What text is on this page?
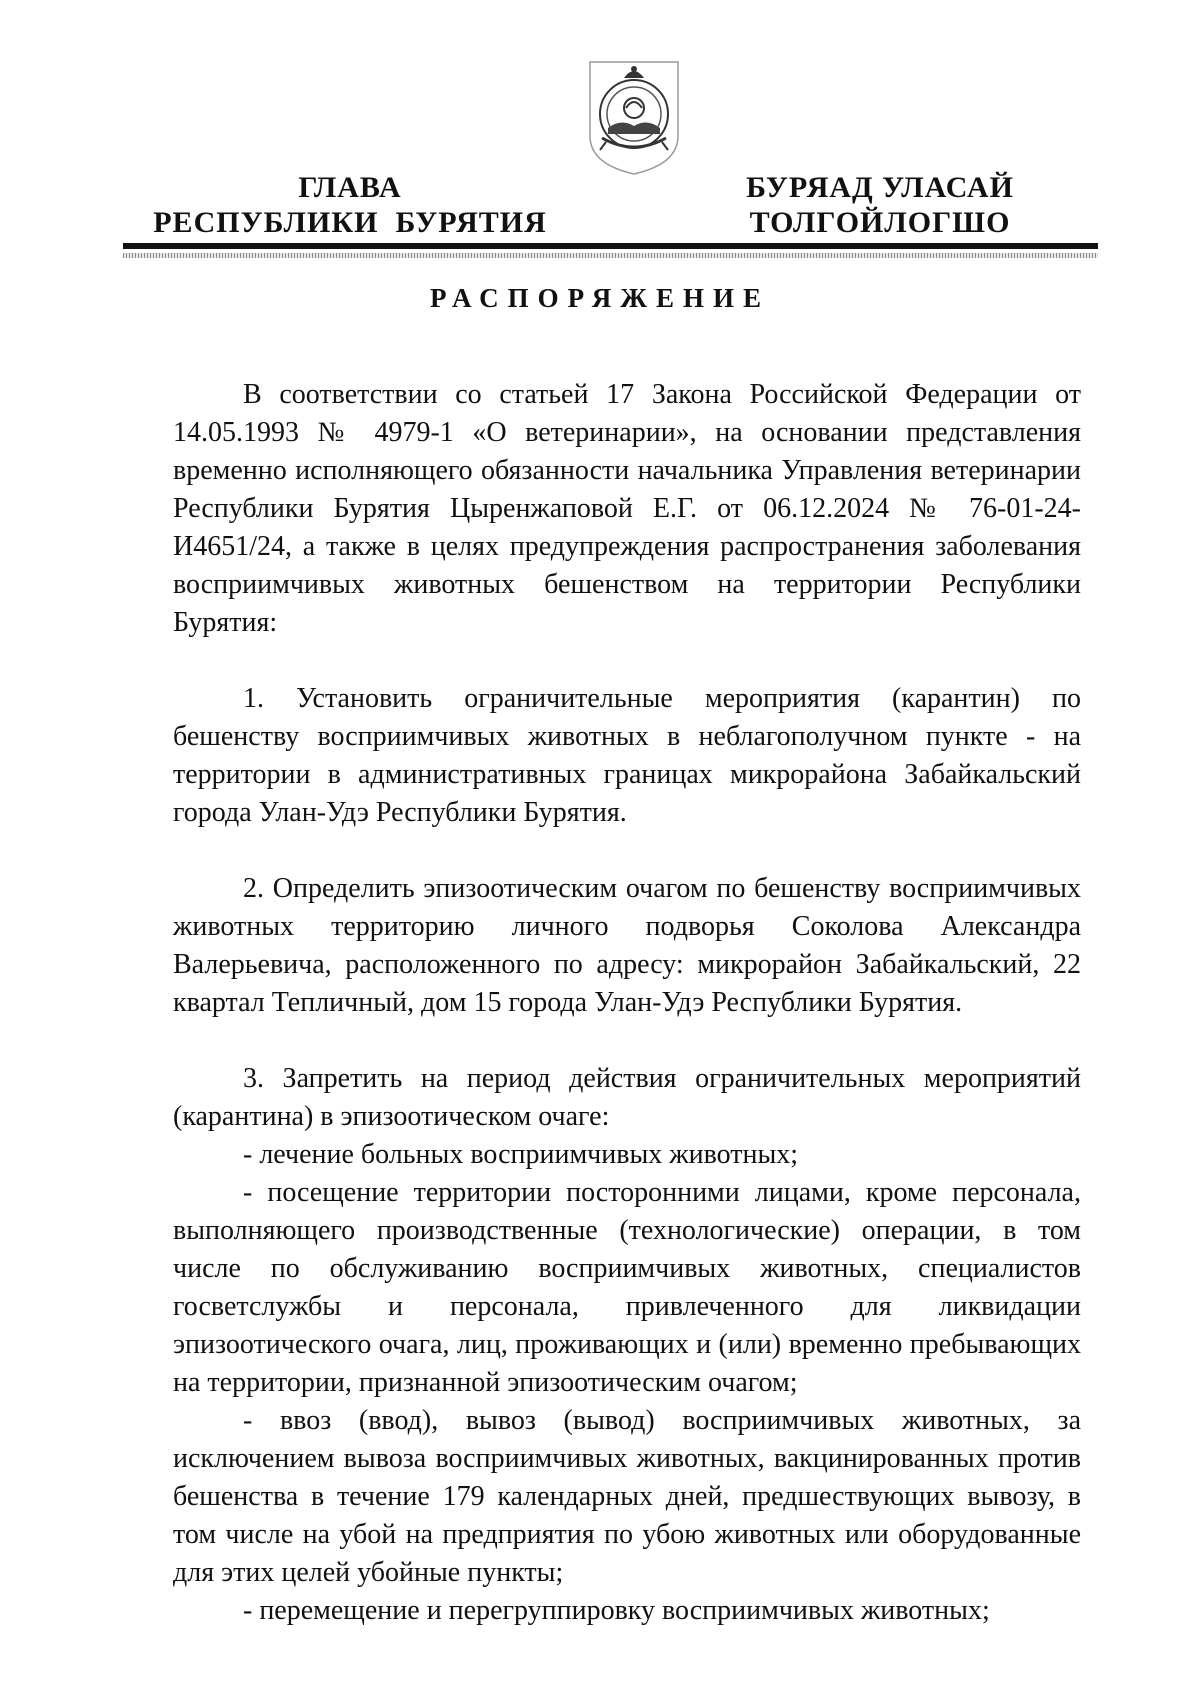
ГЛАВА
РЕСПУБЛИКИ  БУРЯТИЯ
БУРЯАД УЛАСАЙ
ТОЛГОЙЛОГШО
РАСПОРЯЖЕНИЕ

В соответствии со статьей 17 Закона Российской Федерации от 14.05.1993 № 4979-1 «О ветеринарии», на основании представления временно исполняющего обязанности начальника Управления ветеринарии Республики Бурятия Цыренжаповой Е.Г. от 06.12.2024 № 76-01-24-И4651/24, а также в целях предупреждения распространения заболевания восприимчивых животных бешенством на территории Республики Бурятия:

1. Установить ограничительные мероприятия (карантин) по бешенству восприимчивых животных в неблагополучном пункте - на территории в административных границах микрорайона Забайкальский города Улан-Удэ Республики Бурятия.

2. Определить эпизоотическим очагом по бешенству восприимчивых животных территорию личного подворья Соколова Александра Валерьевича, расположенного по адресу: микрорайон Забайкальский, 22 квартал Тепличный, дом 15 города Улан-Удэ Республики Бурятия.

3. Запретить на период действия ограничительных мероприятий (карантина) в эпизоотическом очаге:

- лечение больных восприимчивых животных;

- посещение территории посторонними лицами, кроме персонала, выполняющего производственные (технологические) операции, в том числе по обслуживанию восприимчивых животных, специалистов госветслужбы и персонала, привлеченного для ликвидации эпизоотического очага, лиц, проживающих и (или) временно пребывающих на территории, признанной эпизоотическим очагом;

- ввоз (ввод), вывоз (вывод) восприимчивых животных, за исключением вывоза восприимчивых животных, вакцинированных против бешенства в течение 179 календарных дней, предшествующих вывозу, в том числе на убой на предприятия по убою животных или оборудованные для этих целей убойные пункты;

- перемещение и перегруппировку восприимчивых животных;
